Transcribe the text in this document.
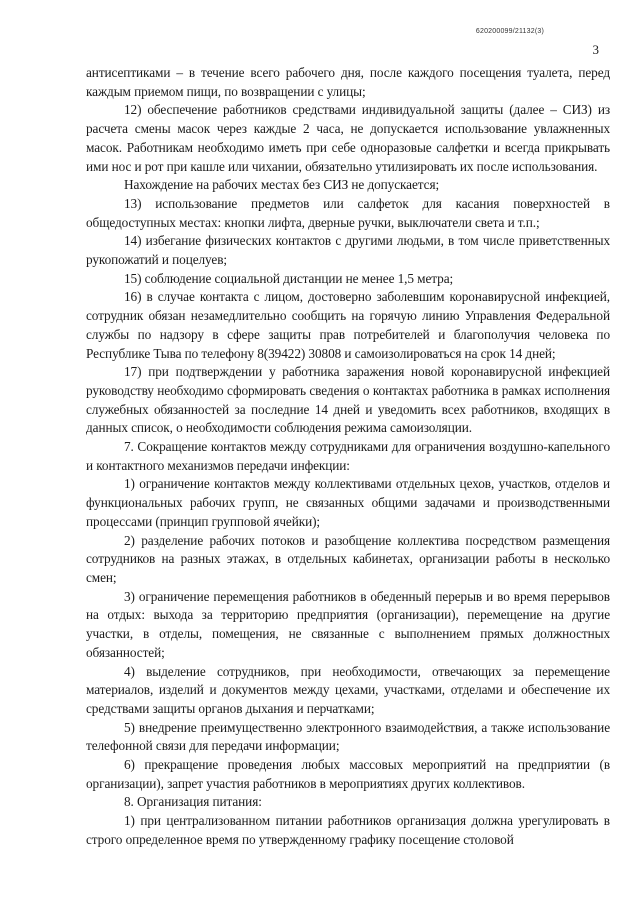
620200099/21132(3)
3

антисептиками – в течение всего рабочего дня, после каждого посещения туалета, перед каждым приемом пищи, по возвращении с улицы;

12) обеспечение работников средствами индивидуальной защиты (далее – СИЗ) из расчета смены масок через каждые 2 часа, не допускается использование увлажненных масок. Работникам необходимо иметь при себе одноразовые салфетки и всегда прикрывать ими нос и рот при кашле или чихании, обязательно утилизировать их после использования.

Нахождение на рабочих местах без СИЗ не допускается;

13) использование предметов или салфеток для касания поверхностей в общедоступных местах: кнопки лифта, дверные ручки, выключатели света и т.п.;

14) избегание физических контактов с другими людьми, в том числе приветственных рукопожатий и поцелуев;

15) соблюдение социальной дистанции не менее 1,5 метра;

16) в случае контакта с лицом, достоверно заболевшим коронавирусной инфекцией, сотрудник обязан незамедлительно сообщить на горячую линию Управления Федеральной службы по надзору в сфере защиты прав потребителей и благополучия человека по Республике Тыва по телефону 8(39422) 30808 и самоизолироваться на срок 14 дней;

17) при подтверждении у работника заражения новой коронавирусной инфекцией руководству необходимо сформировать сведения о контактах работника в рамках исполнения служебных обязанностей за последние 14 дней и уведомить всех работников, входящих в данных список, о необходимости соблюдения режима самоизоляции.

7. Сокращение контактов между сотрудниками для ограничения воздушно-капельного и контактного механизмов передачи инфекции:

1) ограничение контактов между коллективами отдельных цехов, участков, отделов и функциональных рабочих групп, не связанных общими задачами и производственными процессами (принцип групповой ячейки);

2) разделение рабочих потоков и разобщение коллектива посредством размещения сотрудников на разных этажах, в отдельных кабинетах, организации работы в несколько смен;

3) ограничение перемещения работников в обеденный перерыв и во время перерывов на отдых: выхода за территорию предприятия (организации), перемещение на другие участки, в отделы, помещения, не связанные с выполнением прямых должностных обязанностей;

4) выделение сотрудников, при необходимости, отвечающих за перемещение материалов, изделий и документов между цехами, участками, отделами и обеспечение их средствами защиты органов дыхания и перчатками;

5) внедрение преимущественно электронного взаимодействия, а также использование телефонной связи для передачи информации;

6) прекращение проведения любых массовых мероприятий на предприятии (в организации), запрет участия работников в мероприятиях других коллективов.

8. Организация питания:

1) при централизованном питании работников организация должна урегулировать в строго определенное время по утвержденному графику посещение столовой
